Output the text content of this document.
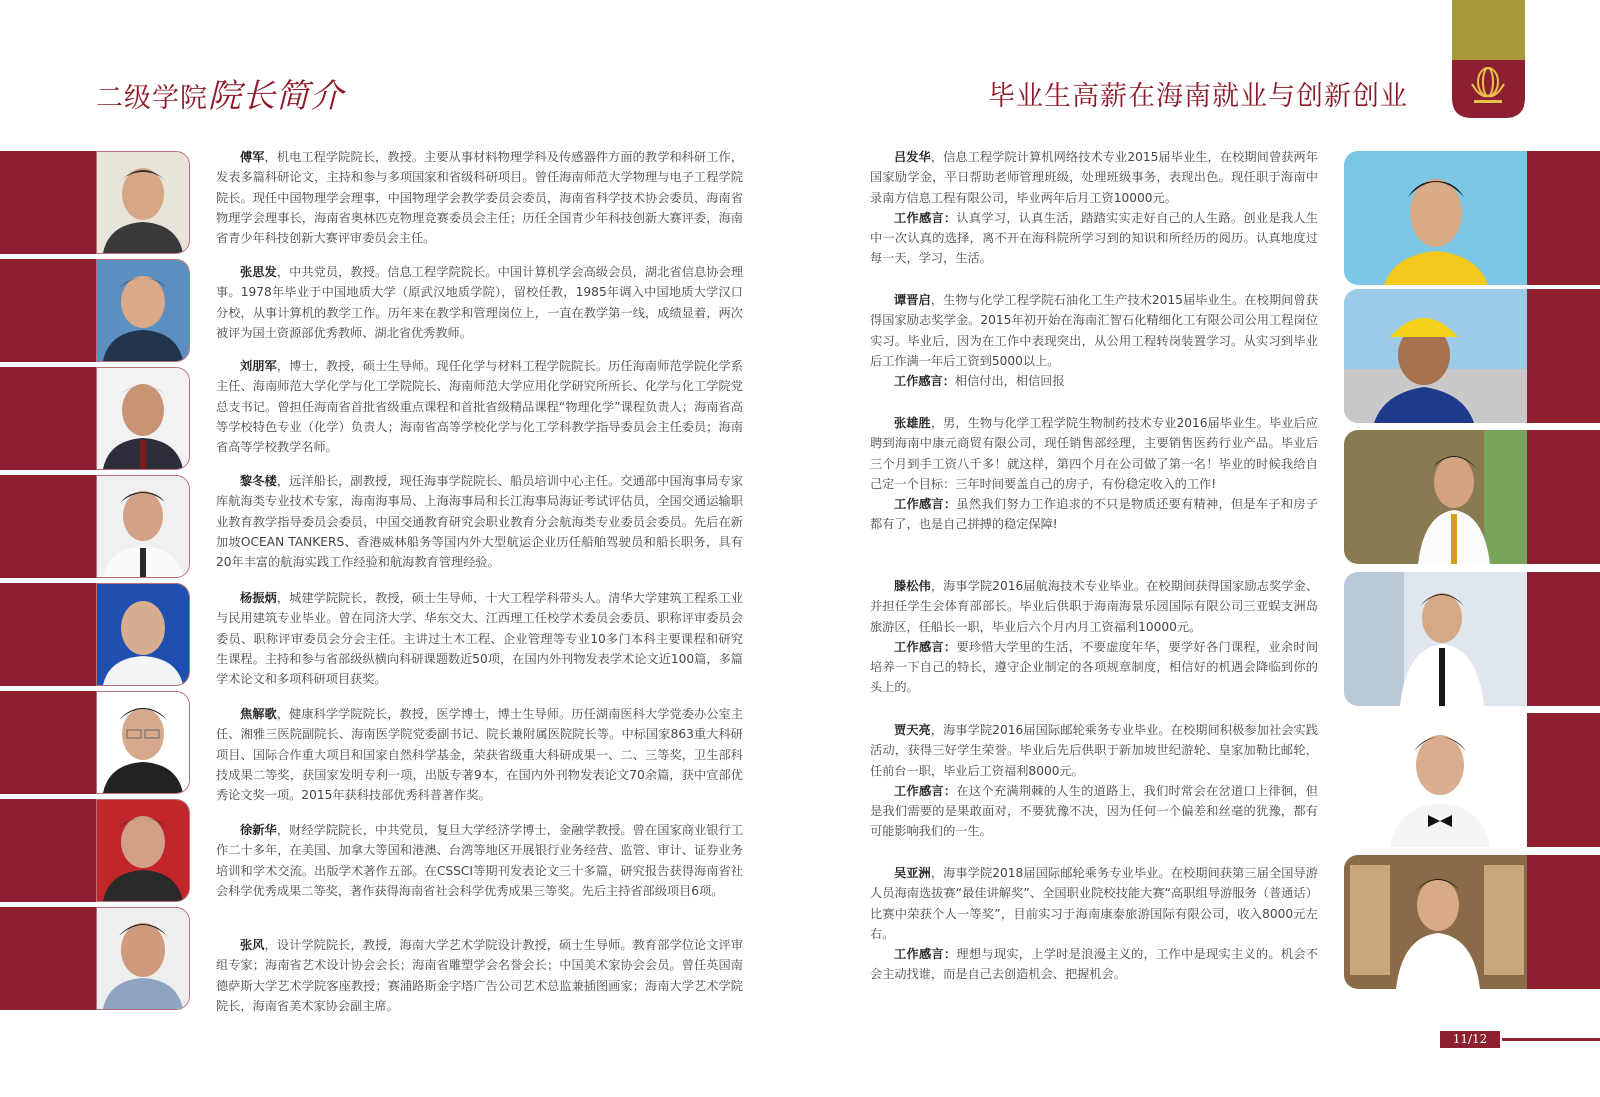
二级学院院长简介	毕业生高薪在海南就业与创新创业
傅军，机电工程学院院长，教授。主要从事材料物理学科及传感器件方面的教学和科研工作，发表多篇科研论文，主持和参与多项国家和省级科研项目。曾任海南师范大学物理与电子工程学院院长。现任中国物理学会理事，中国物理学会教学委员会委员，海南省科学技术协会委员，海南省物理学会理事长，海南省奥林匹克物理竞赛委员会主任；历任全国青少年科技创新大赛评委，海南省青少年科技创新大赛评审委员会主任。
张思发，中共党员，教授。信息工程学院院长。中国计算机学会高级会员，湖北省信息协会理事。1978年毕业于中国地质大学（原武汉地质学院），留校任教，1985年调入中国地质大学汉口分校，从事计算机的教学工作。历年来在教学和管理岗位上，一直在教学第一线，成绩显着，两次被评为国土资源部优秀教师、湖北省优秀教师。
刘朋军，博士，教授，硕士生导师。现任化学与材料工程学院院长。历任海南师范学院化学系主任、海南师范大学化学与化工学院院长、海南师范大学应用化学研究所所长、化学与化工学院党总支书记。曾担任海南省首批省级重点课程和首批省级精品课程“物理化学”课程负责人；海南省高等学校特色专业（化学）负责人；海南省高等学校化学与化工学科教学指导委员会主任委员；海南省高等学校教学名师。
黎冬楼，远洋船长，副教授，现任海事学院院长、船员培训中心主任。交通部中国海事局专家库航海类专业技术专家，海南海事局、上海海事局和长江海事局海证考试评估员，全国交通运输职业教育教学指导委员会委员，中国交通教育研究会职业教育分会航海类专业委员会委员。先后在新加坡OCEAN TANKERS、香港威林船务等国内外大型航运企业历任船舶驾驶员和船长职务，具有20年丰富的航海实践工作经验和航海教育管理经验。
杨振炳，城建学院院长，教授，硕士生导师，十大工程学科带头人。清华大学建筑工程系工业与民用建筑专业毕业。曾在同济大学、华东交大、江西理工任校学术委员会委员、职称评审委员会委员、职称评审委员会分会主任。主讲过土木工程、企业管理等专业10多门本科主要课程和研究生课程。主持和参与省部级纵横向科研课题数近50项，在国内外刊物发表学术论文近100篇，多篇学术论文和多项科研项目获奖。
焦解歌，健康科学学院院长，教授，医学博士，博士生导师。历任湖南医科大学党委办公室主任、湘雅三医院副院长、海南医学院党委副书记、院长兼附属医院院长等。中标国家863重大科研项目、国际合作重大项目和国家自然科学基金，荣获省级重大科研成果一、二、三等奖，卫生部科技成果二等奖，获国家发明专利一项，出版专著9本，在国内外刊物发表论文70余篇，获中宣部优秀论文奖一项。2015年获科技部优秀科普著作奖。
徐新华，财经学院院长，中共党员，复旦大学经济学博士，金融学教授。曾在国家商业银行工作二十多年，在美国、加拿大等国和港澳、台湾等地区开展银行业务经营、监管、审计、证券业务培训和学术交流。出版学术著作五部。在CSSCI等期刊发表论文三十多篇，研究报告获得海南省社会科学优秀成果二等奖，著作获得海南省社会科学优秀成果三等奖。先后主持省部级项目6项。
张风，设计学院院长，教授，海南大学艺术学院设计教授，硕士生导师。教育部学位论文评审组专家；海南省艺术设计协会会长；海南省雕塑学会名誉会长；中国美术家协会会员。曾任英国南德萨斯大学艺术学院客座教授；赛浦路斯金字塔广告公司艺术总监兼插图画家；海南大学艺术学院院长，海南省美术家协会副主席。

吕发华，信息工程学院计算机网络技术专业2015届毕业生，在校期间曾获两年国家励学金，平日帮助老师管理班级，处理班级事务，表现出色。现任职于海南中录南方信息工程有限公司，毕业两年后月工资10000元。

工作感言：认真学习，认真生活，踏踏实实走好自己的人生路。创业是我人生中一次认真的选择，离不开在海科院所学习到的知识和所经历的阅历。认真地度过每一天，学习，生活。

谭晋启，生物与化学工程学院石油化工生产技术2015届毕业生。在校期间曾获得国家励志奖学金。2015年初开始在海南汇智石化精细化工有限公司公用工程岗位实习。毕业后，因为在工作中表现突出，从公用工程转岗装置学习。从实习到毕业后工作满一年后工资到5000以上。

工作感言：相信付出，相信回报

张雄胜，男，生物与化学工程学院生物制药技术专业2016届毕业生。毕业后应聘到海南中康元商贸有限公司，现任销售部经理，主要销售医药行业产品。毕业后三个月到手工资八千多！就这样，第四个月在公司做了第一名！毕业的时候我给自己定一个目标：三年时间要盖自己的房子，有份稳定收入的工作!

工作感言：虽然我们努力工作追求的不只是物质还要有精神，但是车子和房子都有了，也是自己拼搏的稳定保障!

滕松伟，海事学院2016届航海技术专业毕业。在校期间获得国家励志奖学金、并担任学生会体育部部长。毕业后供职于海南海景乐园国际有限公司三亚蜈支洲岛旅游区，任船长一职，毕业后六个月内月工资福利10000元。

工作感言：要珍惜大学里的生活，不要虚度年华，要学好各门课程，业余时间培养一下自己的特长，遵守企业制定的各项规章制度，相信好的机遇会降临到你的头上的。

贾天亮，海事学院2016届国际邮轮乘务专业毕业。在校期间积极参加社会实践活动，获得三好学生荣誉。毕业后先后供职于新加坡世纪游轮、皇家加勒比邮轮，任前台一职，毕业后工资福利8000元。

工作感言：在这个充满荆棘的人生的道路上，我们时常会在岔道口上徘徊，但是我们需要的是果敢面对，不要犹豫不决，因为任何一个偏差和丝毫的犹豫，都有可能影响我们的一生。

吴亚洲，海事学院2018届国际邮轮乘务专业毕业。在校期间获第三届全国导游人员海南选拔赛“最佳讲解奖”、全国职业院校技能大赛“高职组导游服务（普通话）比赛中荣获个人一等奖”，目前实习于海南康泰旅游国际有限公司，收入8000元左右。

工作感言：理想与现实，上学时是浪漫主义的，工作中是现实主义的。机会不会主动找谁，而是自己去创造机会、把握机会。

11/12
